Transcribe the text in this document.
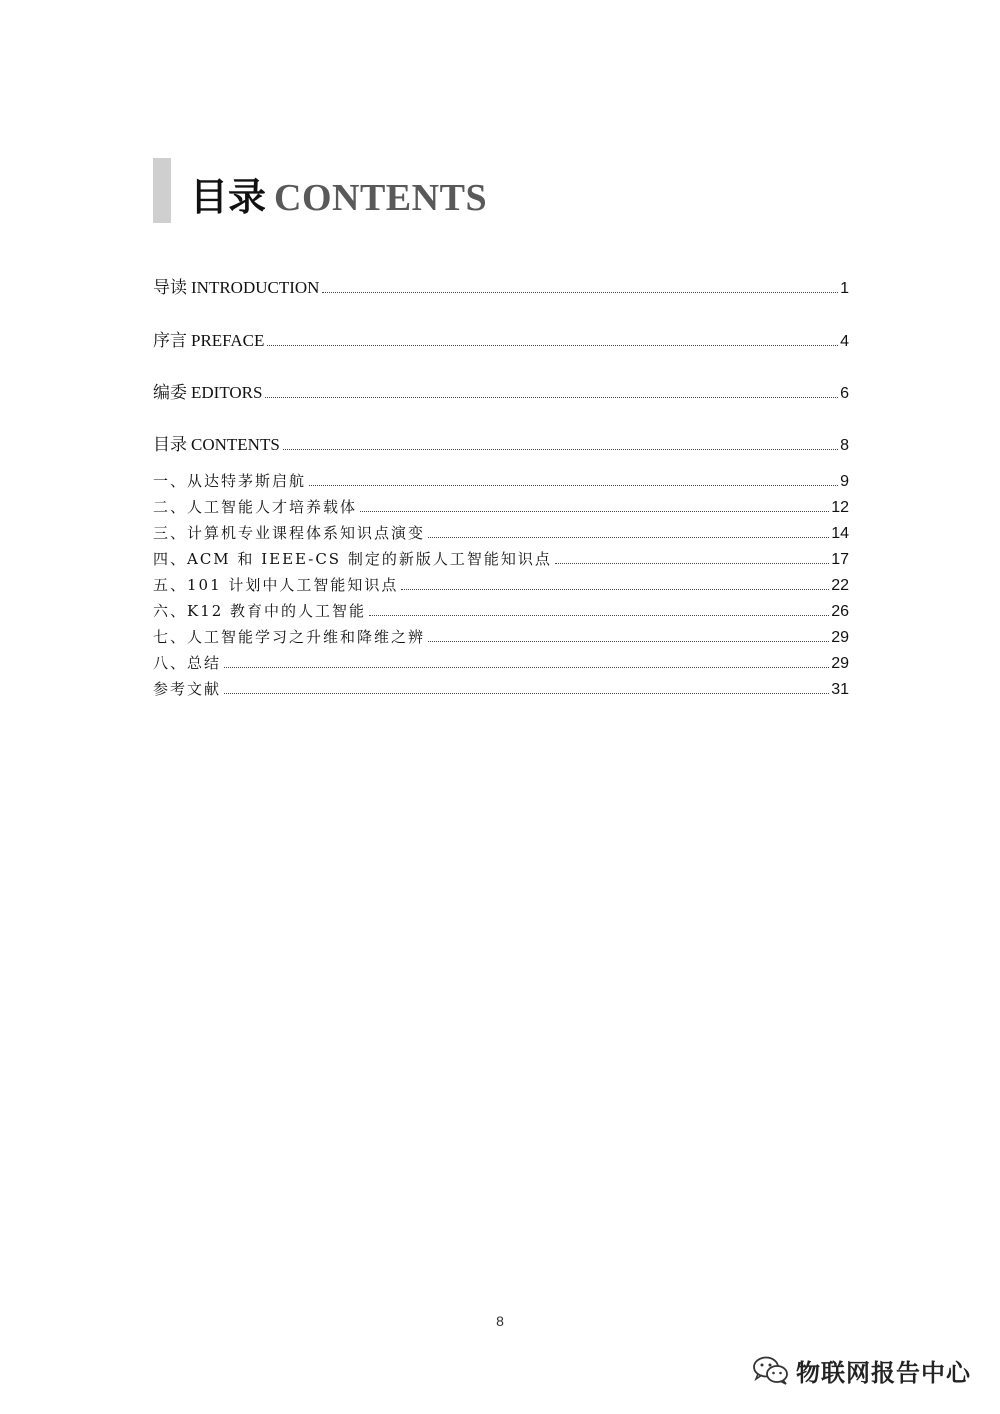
目录 CONTENTS
导读 INTRODUCTION	1
序言 PREFACE	4
编委 EDITORS	6
目录 CONTENTS	8
一、从达特茅斯启航	9
二、人工智能人才培养载体	12
三、计算机专业课程体系知识点演变	14
四、ACM 和 IEEE-CS 制定的新版人工智能知识点	17
五、101 计划中人工智能知识点	22
六、K12 教育中的人工智能	26
七、人工智能学习之升维和降维之辨	29
八、总结	29
参考文献	31
8
物联网报告中心
